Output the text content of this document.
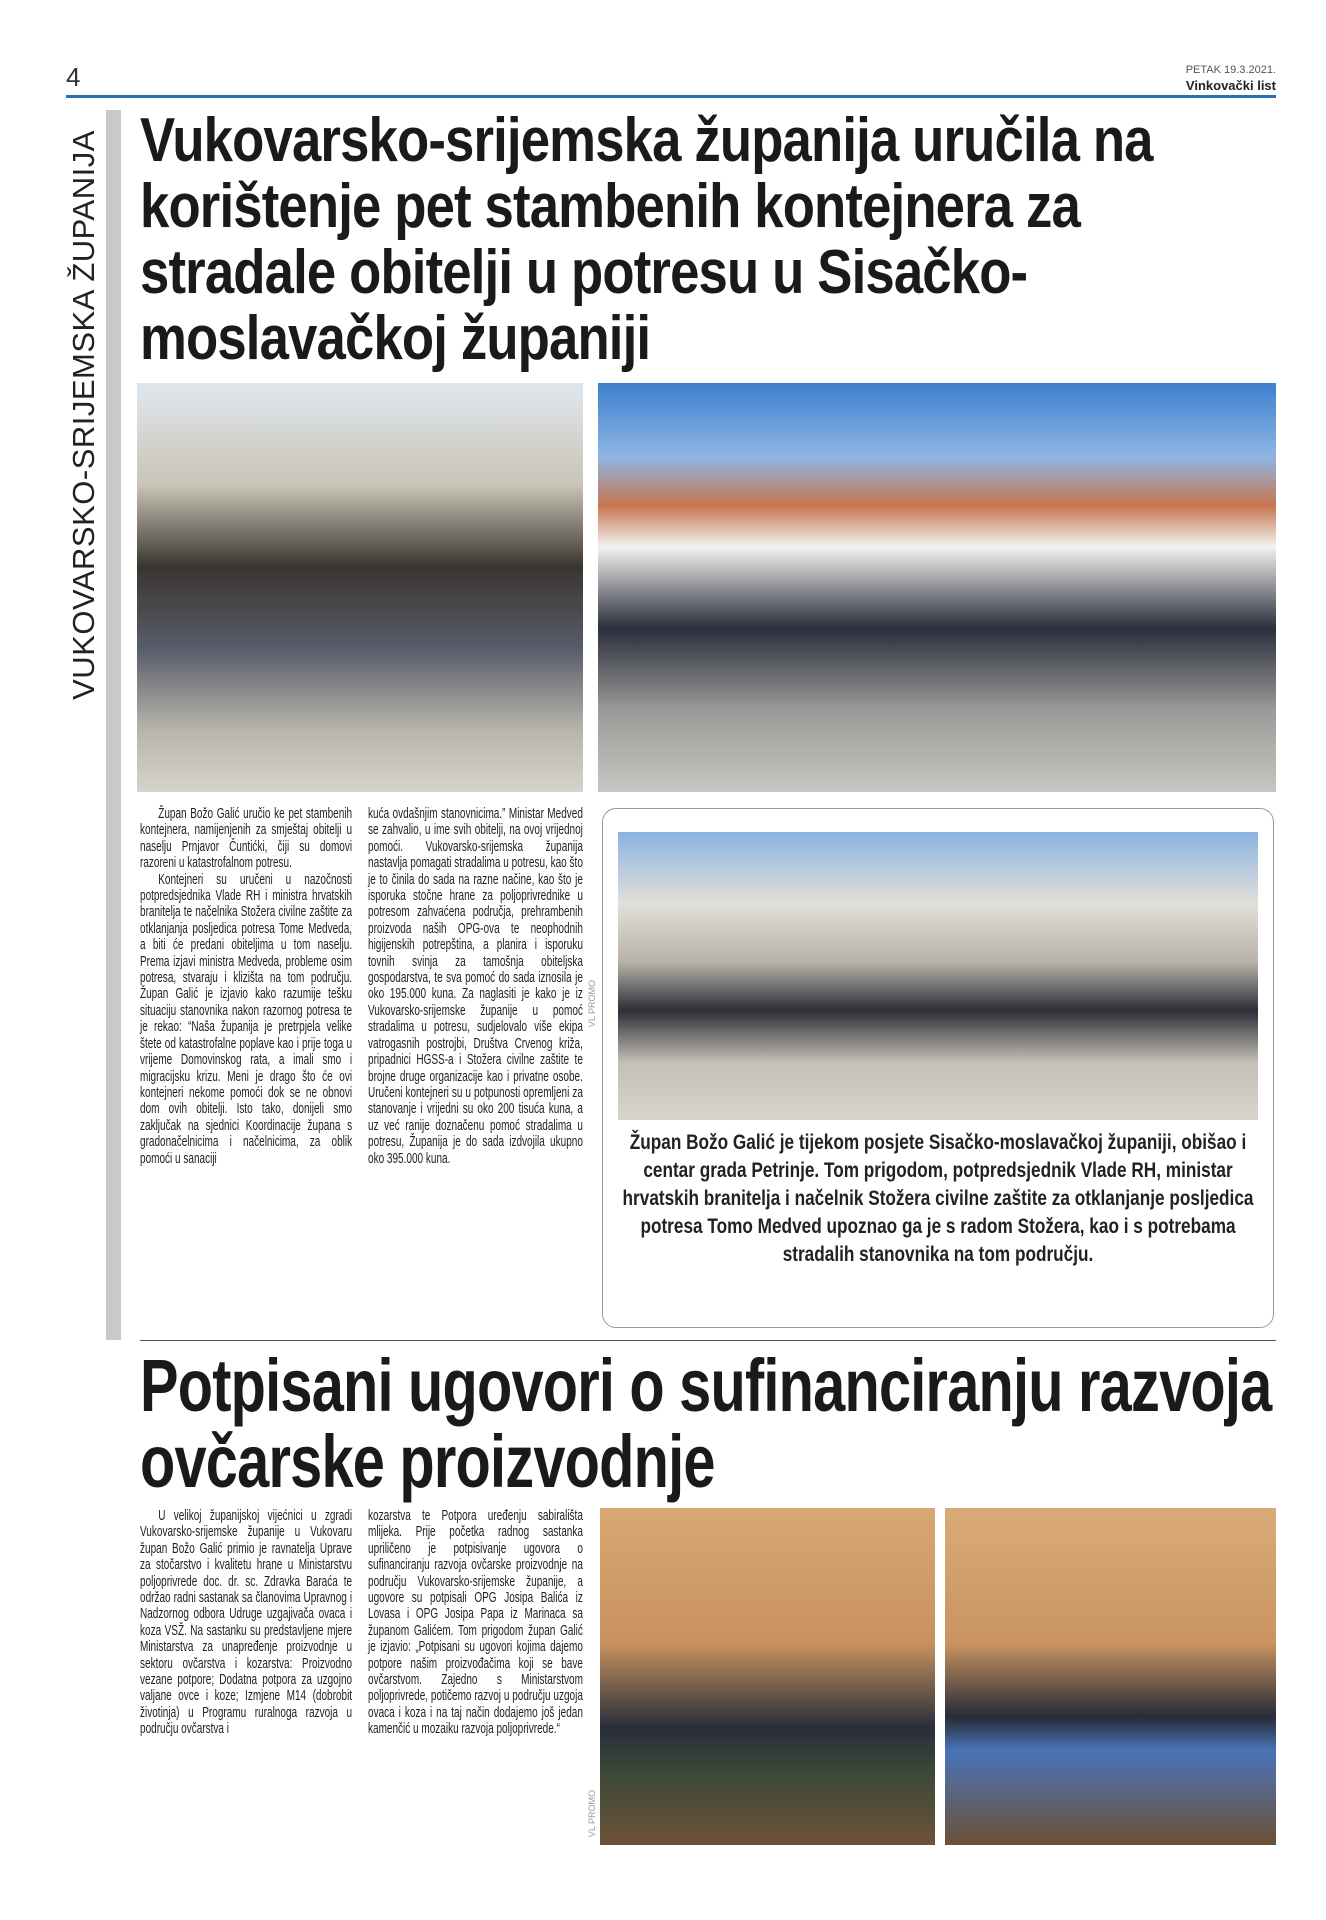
4	PETAK 19.3.2021.
Vinkovački list
VUKOVARSKO-SRIJEMSKA ŽUPANIJA Vukovarsko-srijemska županija uručila na korištenje pet stambenih kontejnera za stradale obitelji u potresu u Sisačko-moslavačkoj županiji

Župan Božo Galić uručio ke pet stambenih kontejnera, namijenjenih za smještaj obitelji u naselju Prnjavor Čuntićki, čiji su domovi razoreni u katastrofalnom potresu.

Kontejneri su uručeni u nazočnosti potpredsjednika Vlade RH i ministra hrvatskih branitelja te načelnika Stožera civilne zaštite za otklanjanja posljedica potresa Tome Medveda, a biti će predani obiteljima u tom naselju. Prema izjavi ministra Medveda, probleme osim potresa, stvaraju i klizišta na tom području. Župan Galić je izjavio kako razumije tešku situaciju stanovnika nakon razornog potresa te je rekao: “Naša županija je pretrpjela velike štete od katastrofalne poplave kao i prije toga u vrijeme Domovinskog rata, a imali smo i migracijsku krizu. Meni je drago što će ovi kontejneri nekome pomoći dok se ne obnovi dom ovih obitelji. Isto tako, donijeli smo zaključak na sjednici Koordinacije župana s gradonačelnicima i načelnicima, za oblik pomoći u sanaciji

kuća ovdašnjim stanovnicima.” Ministar Medved se zahvalio, u ime svih obitelji, na ovoj vrijednoj pomoći. Vukovarsko-srijemska županija nastavlja pomagati stradalima u potresu, kao što je to činila do sada na razne načine, kao što je isporuka stočne hrane za poljoprivrednike u potresom zahvaćena područja, prehrambenih proizvoda naših OPG-ova te neophodnih higijenskih potrepština, a planira i isporuku tovnih svinja za tamošnja obiteljska gospodarstva, te sva pomoć do sada iznosila je oko 195.000 kuna. Za naglasiti je kako je iz Vukovarsko-srijemske županije u pomoć stradalima u potresu, sudjelovalo više ekipa vatrogasnih postrojbi, Društva Crvenog križa, pripadnici HGSS-a i Stožera civilne zaštite te brojne druge organizacije kao i privatne osobe. Uručeni kontejneri su u potpunosti opremljeni za stanovanje i vrijedni su oko 200 tisuća kuna, a uz već ranije doznačenu pomoć stradalima u potresu, Županija je do sada izdvojila ukupno oko 395.000 kuna.

VL PROMO
Župan Božo Galić je tijekom posjete Sisačko-moslavačkoj županiji, obišao i centar grada Petrinje. Tom prigodom, potpredsjednik Vlade RH, ministar hrvatskih branitelja i načelnik Stožera civilne zaštite za otklanjanje posljedica potresa Tomo Medved upoznao ga je s radom Stožera, kao i s potrebama stradalih stanovnika na tom području.
Potpisani ugovori o sufinanciranju razvoja ovčarske proizvodnje

U velikoj županijskoj vijećnici u zgradi Vukovarsko-srijemske županije u Vukovaru župan Božo Galić primio je ravnatelja Uprave za stočarstvo i kvalitetu hrane u Ministarstvu poljoprivrede doc. dr. sc. Zdravka Baraća te održao radni sastanak sa članovima Upravnog i Nadzornog odbora Udruge uzgajivača ovaca i koza VSŽ. Na sastanku su predstavljene mjere Ministarstva za unapređenje proizvodnje u sektoru ovčarstva i kozarstva: Proizvodno vezane potpore; Dodatna potpora za uzgojno valjane ovce i koze; Izmjene M14 (dobrobit životinja) u Programu ruralnoga razvoja u području ovčarstva i

kozarstva te Potpora uređenju sabirališta mlijeka. Prije početka radnog sastanka upriličeno je potpisivanje ugovora o sufinanciranju razvoja ovčarske proizvodnje na području Vukovarsko-srijemske županije, a ugovore su potpisali OPG Josipa Balića iz Lovasa i OPG Josipa Papa iz Marinaca sa županom Galićem. Tom prigodom župan Galić je izjavio: „Potpisani su ugovori kojima dajemo potpore našim proizvođačima koji se bave ovčarstvom. Zajedno s Ministarstvom poljoprivrede, potičemo razvoj u području uzgoja ovaca i koza i na taj način dodajemo još jedan kamenčić u mozaiku razvoja poljoprivrede.“

VL PROMO
